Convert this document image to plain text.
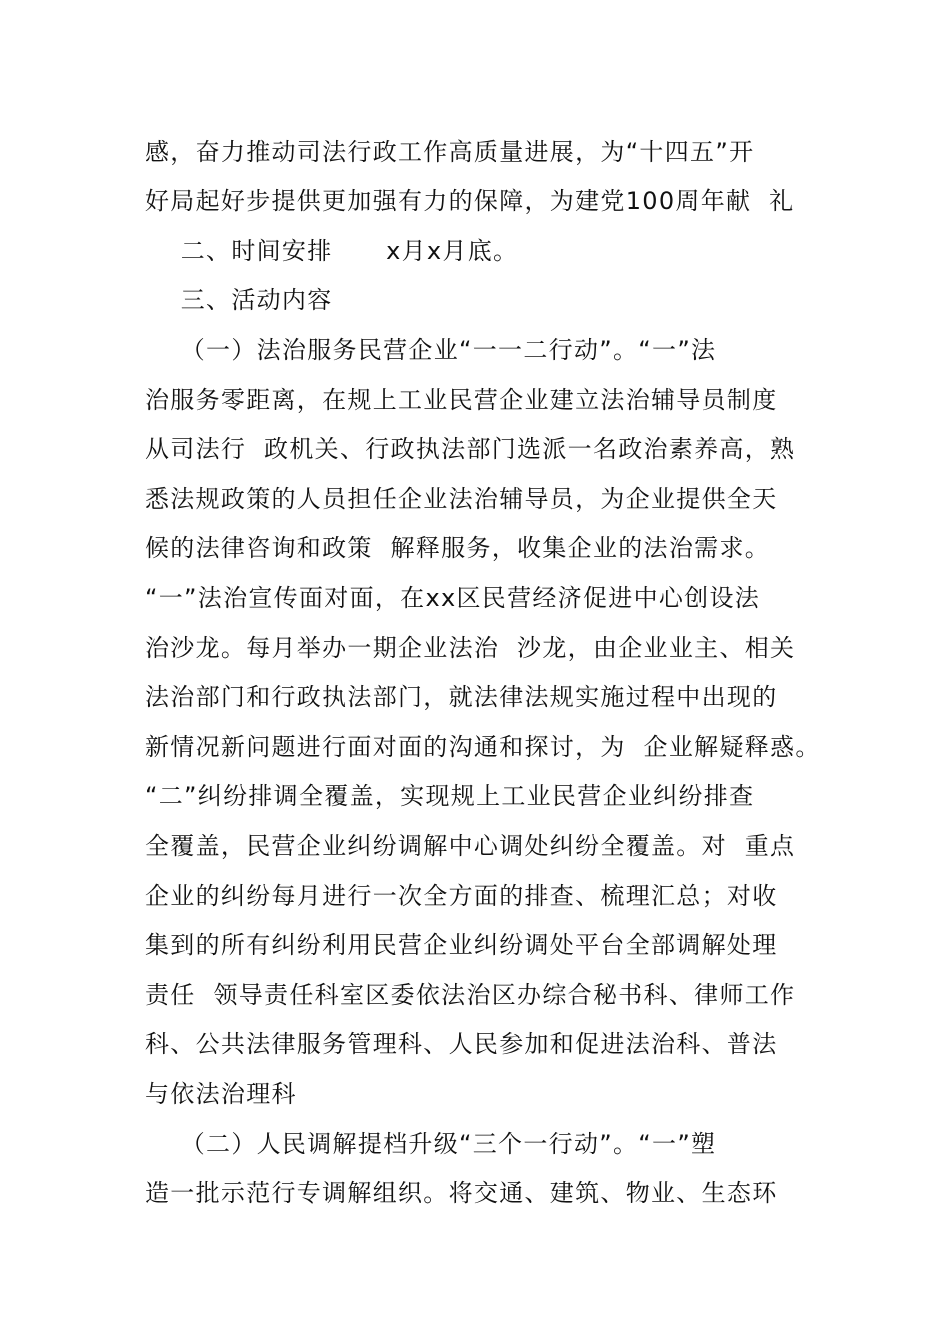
感，奋力推动司法行政工作高质量进展，为“十四五”开
好局起好步提供更加强有力的保障，为建党100周年献  礼
二、时间安排      x月x月底。
三、活动内容
（一）法治服务民营企业“一一二行动”。“一”法
治服务零距离，在规上工业民营企业建立法治辅导员制度
从司法行  政机关、行政执法部门选派一名政治素养高，熟
悉法规政策的人员担任企业法治辅导员，为企业提供全天
候的法律咨询和政策  解释服务，收集企业的法治需求。
“一”法治宣传面对面，在xx区民营经济促进中心创设法
治沙龙。每月举办一期企业法治  沙龙，由企业业主、相关
法治部门和行政执法部门，就法律法规实施过程中出现的
新情况新问题进行面对面的沟通和探讨，为  企业解疑释惑。
“二”纠纷排调全覆盖，实现规上工业民营企业纠纷排查
全覆盖，民营企业纠纷调解中心调处纠纷全覆盖。对  重点
企业的纠纷每月进行一次全方面的排查、梳理汇总；对收
集到的所有纠纷利用民营企业纠纷调处平台全部调解处理
责任  领导责任科室区委依法治区办综合秘书科、律师工作
科、公共法律服务管理科、人民参加和促进法治科、普法
与依法治理科
（二）人民调解提档升级“三个一行动”。“一”塑
造一批示范行专调解组织。将交通、建筑、物业、生态环
